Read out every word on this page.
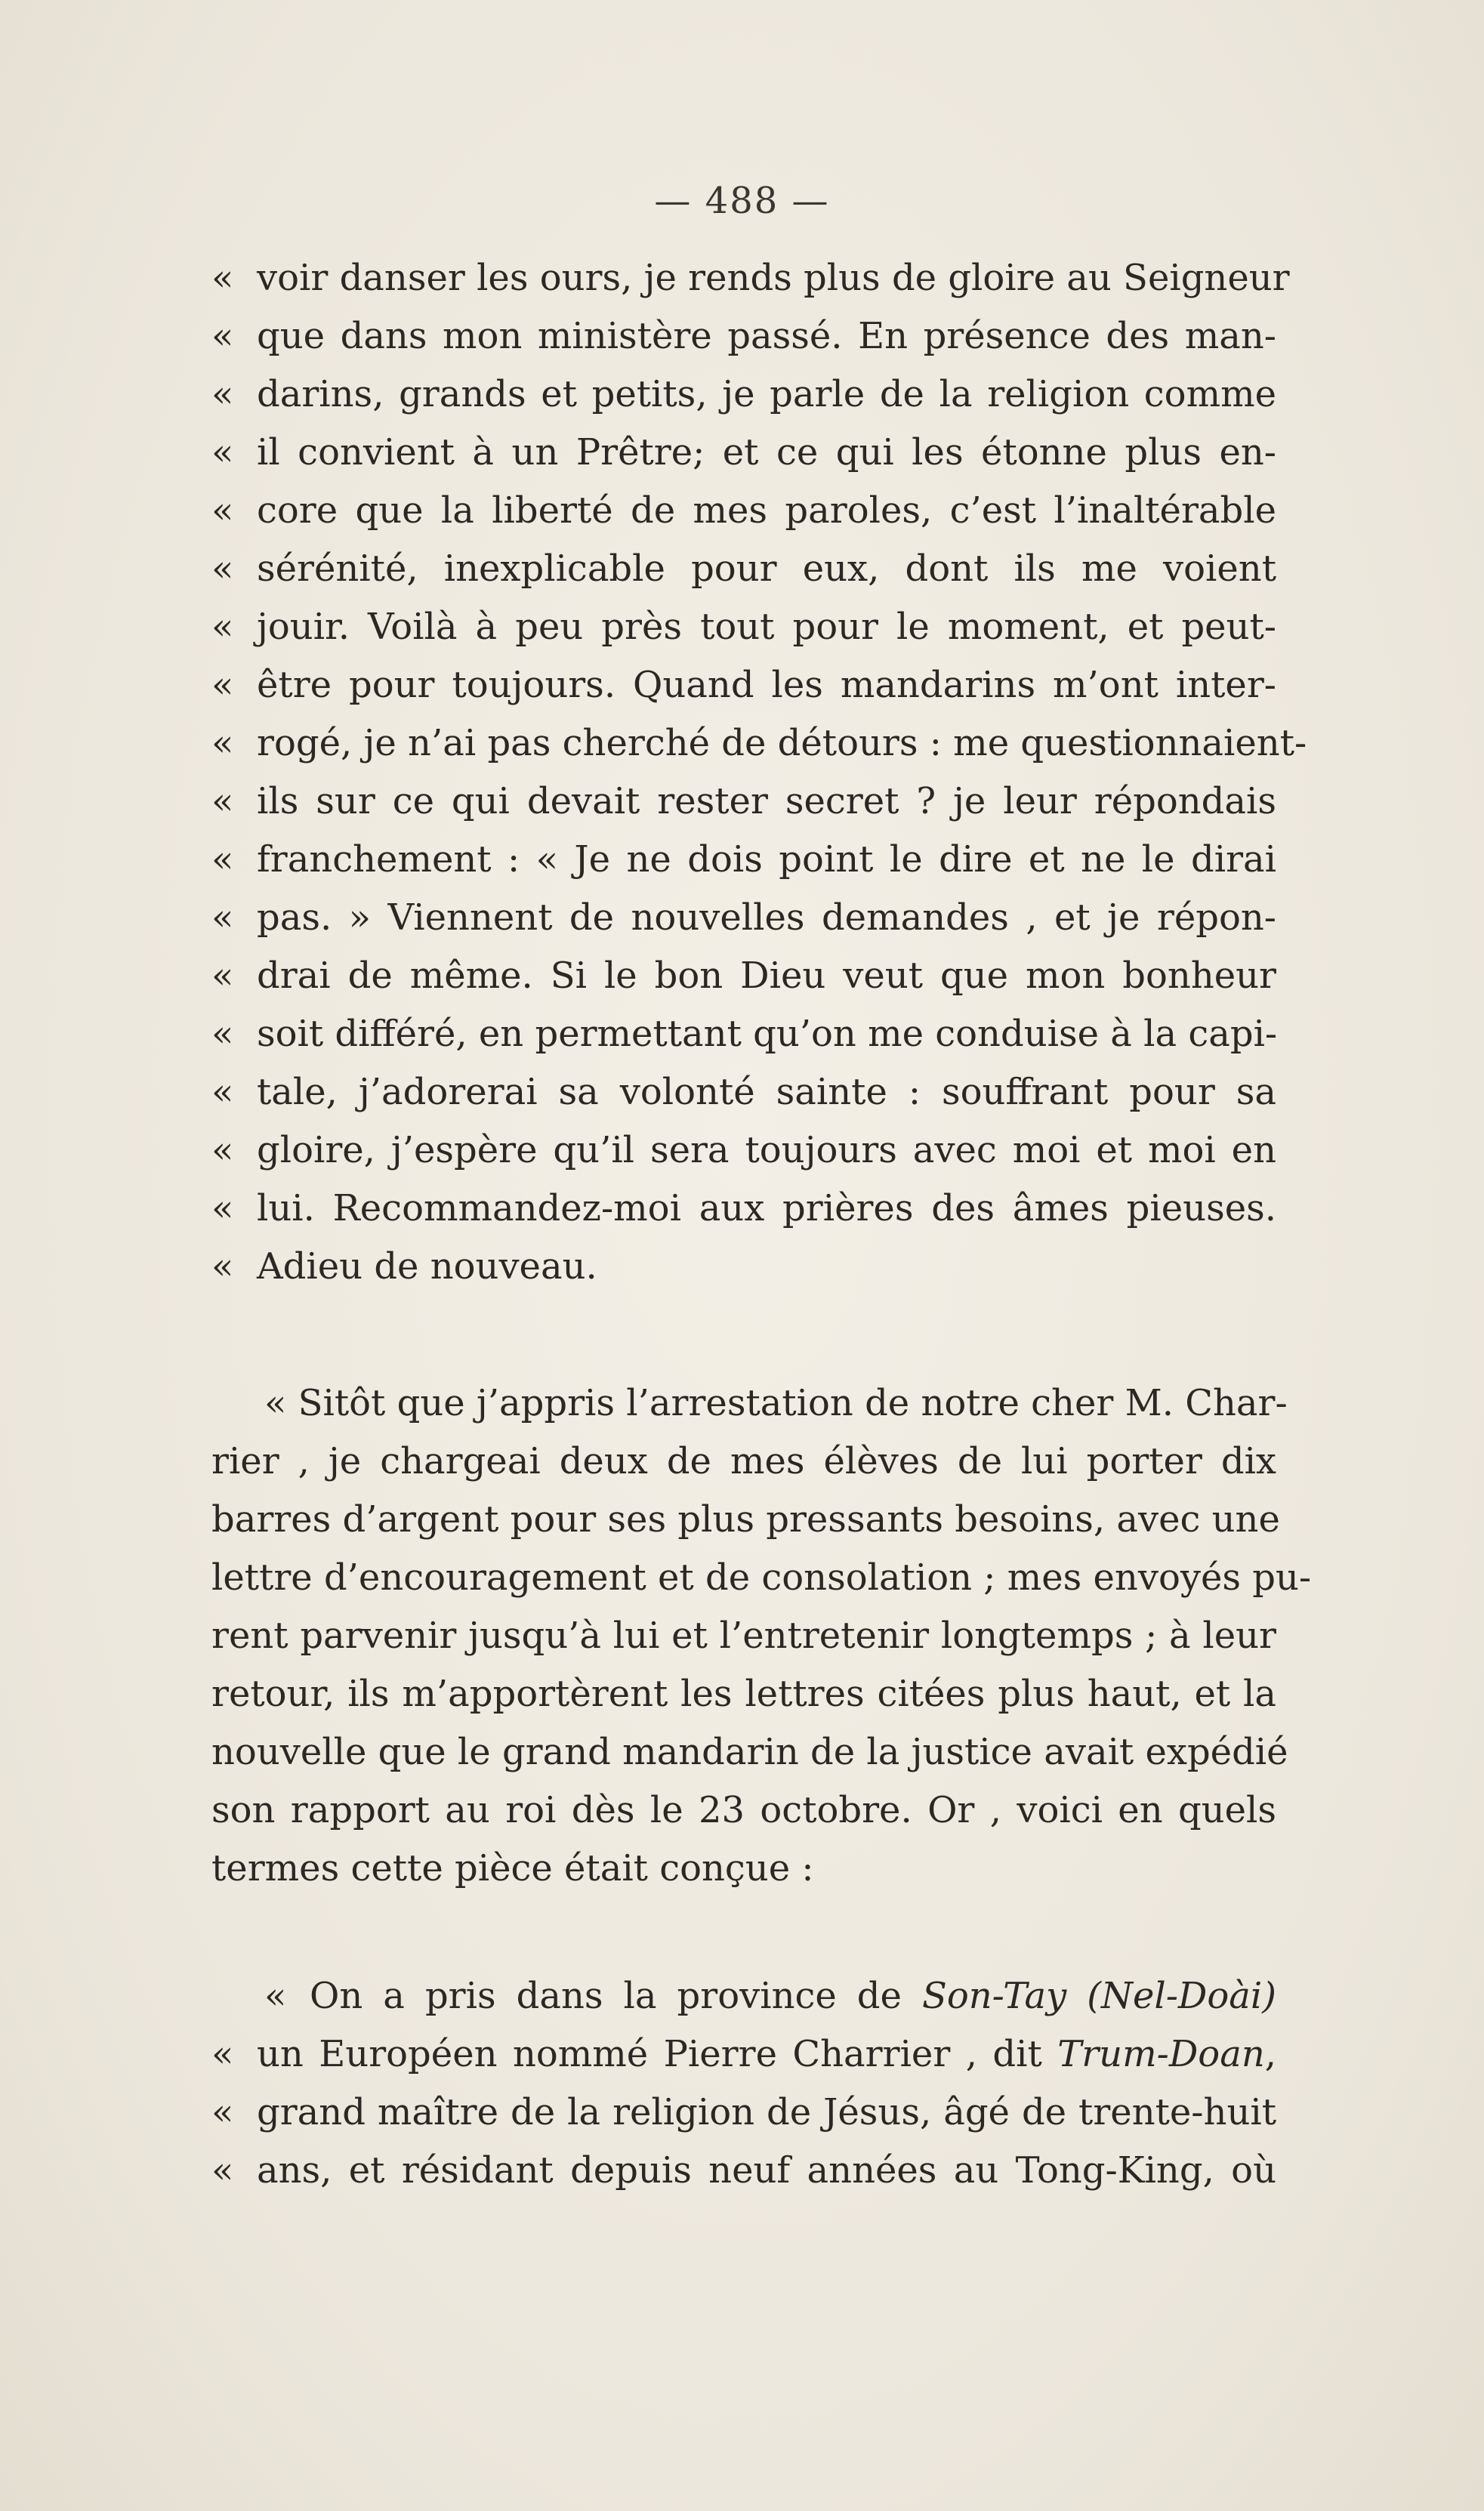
— 488 —
« voir danser les ours, je rends plus de gloire au Seigneur
« que dans mon ministère passé. En présence des man-
« darins, grands et petits, je parle de la religion comme
« il convient à un Prêtre; et ce qui les étonne plus en-
« core que la liberté de mes paroles, c’est l’inaltérable
« sérénité, inexplicable pour eux, dont ils me voient
« jouir. Voilà à peu près tout pour le moment, et peut-
« être pour toujours. Quand les mandarins m’ont inter-
« rogé, je n’ai pas cherché de détours : me questionnaient-
« ils sur ce qui devait rester secret ? je leur répondais
« franchement : « Je ne dois point le dire et ne le dirai
« pas. » Viennent de nouvelles demandes , et je répon-
« drai de même. Si le bon Dieu veut que mon bonheur
« soit différé, en permettant qu’on me conduise à la capi-
« tale, j’adorerai sa volonté sainte : souffrant pour sa
« gloire, j’espère qu’il sera toujours avec moi et moi en
« lui. Recommandez-moi aux prières des âmes pieuses.
« Adieu de nouveau.
« Sitôt que j’appris l’arrestation de notre cher M. Char-
rier , je chargeai deux de mes élèves de lui porter dix
barres d’argent pour ses plus pressants besoins, avec une
lettre d’encouragement et de consolation ; mes envoyés pu-
rent parvenir jusqu’à lui et l’entretenir longtemps ; à leur
retour, ils m’apportèrent les lettres citées plus haut, et la
nouvelle que le grand mandarin de la justice avait expédié
son rapport au roi dès le 23 octobre. Or , voici en quels
termes cette pièce était conçue :
« On a pris dans la province de Son-Tay (Nel-Doài)
« un Européen nommé Pierre Charrier , dit Trum-Doan,
« grand maître de la religion de Jésus, âgé de trente-huit
« ans, et résidant depuis neuf années au Tong-King, où
